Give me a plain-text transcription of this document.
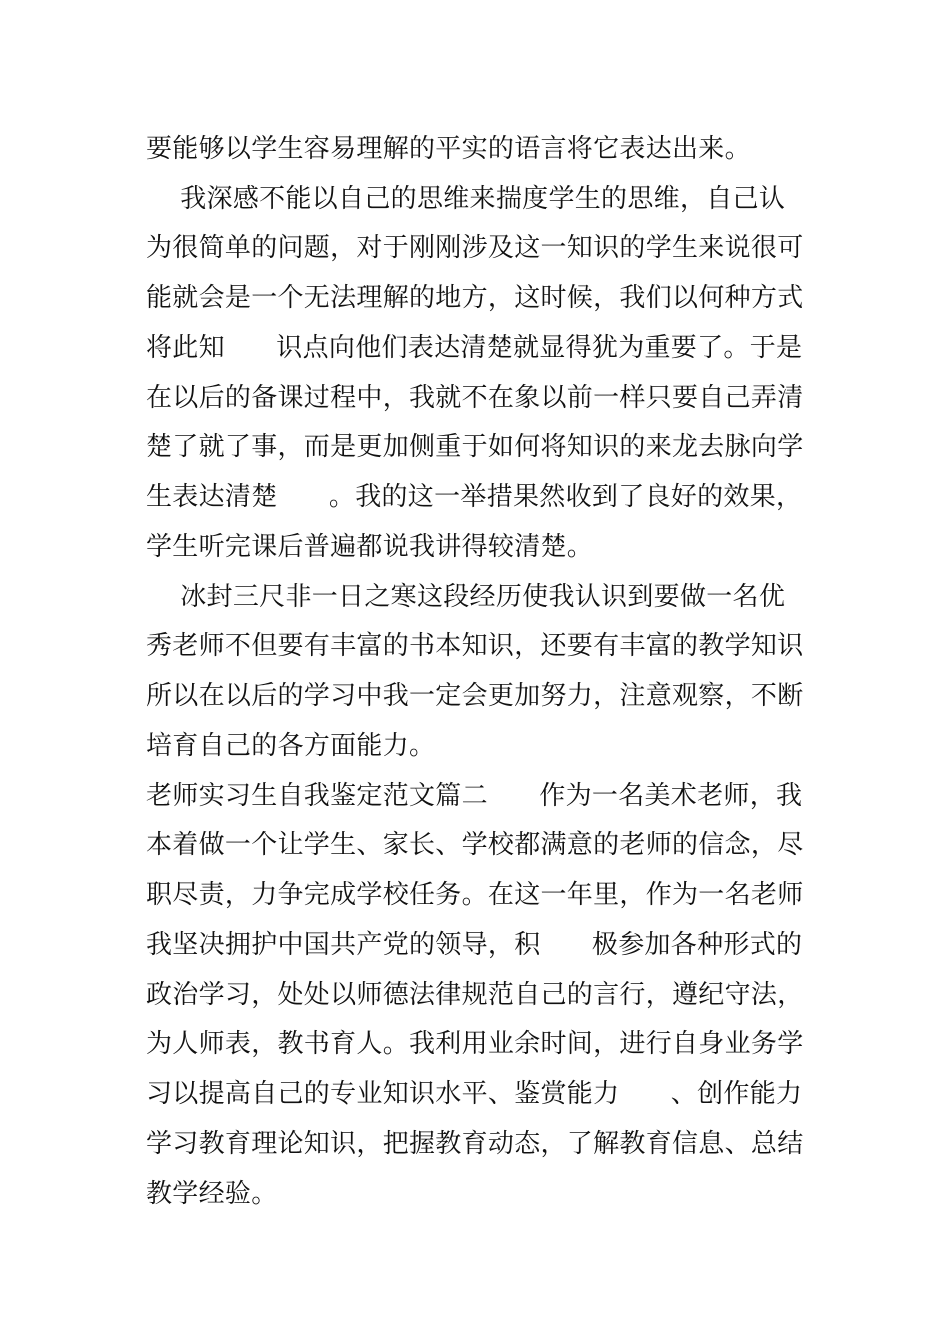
要能够以学生容易理解的平实的语言将它表达出来。
我深感不能以自己的思维来揣度学生的思维，自己认
为很简单的问题，对于刚刚涉及这一知识的学生来说很可
能就会是一个无法理解的地方，这时候，我们以何种方式
将此知      识点向他们表达清楚就显得犹为重要了。于是
在以后的备课过程中，我就不在象以前一样只要自己弄清
楚了就了事，而是更加侧重于如何将知识的来龙去脉向学
生表达清楚      。我的这一举措果然收到了良好的效果，
学生听完课后普遍都说我讲得较清楚。
冰封三尺非一日之寒这段经历使我认识到要做一名优
秀老师不但要有丰富的书本知识，还要有丰富的教学知识
所以在以后的学习中我一定会更加努力，注意观察，不断
培育自己的各方面能力。
老师实习生自我鉴定范文篇二      作为一名美术老师，我
本着做一个让学生、家长、学校都满意的老师的信念，尽
职尽责，力争完成学校任务。在这一年里，作为一名老师
我坚决拥护中国共产党的领导，积      极参加各种形式的
政治学习，处处以师德法律规范自己的言行，遵纪守法，
为人师表，教书育人。我利用业余时间，进行自身业务学
习以提高自己的专业知识水平、鉴赏能力      、创作能力
学习教育理论知识，把握教育动态，了解教育信息、总结
教学经验。
